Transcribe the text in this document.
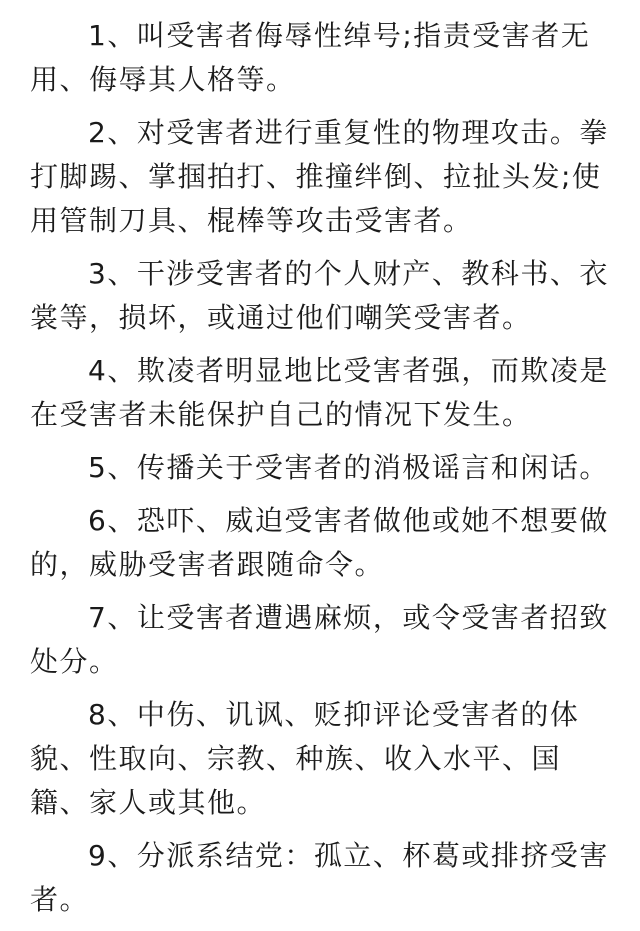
1、叫受害者侮辱性绰号;指责受害者无用、侮辱其人格等。

2、对受害者进行重复性的物理攻击。拳打脚踢、掌掴拍打、推撞绊倒、拉扯头发;使用管制刀具、棍棒等攻击受害者。

3、干涉受害者的个人财产、教科书、衣裳等，损坏，或通过他们嘲笑受害者。

4、欺凌者明显地比受害者强，而欺凌是在受害者未能保护自己的情况下发生。

5、传播关于受害者的消极谣言和闲话。

6、恐吓、威迫受害者做他或她不想要做的，威胁受害者跟随命令。

7、让受害者遭遇麻烦，或令受害者招致处分。

8、中伤、讥讽、贬抑评论受害者的体貌、性取向、宗教、种族、收入水平、国籍、家人或其他。

9、分派系结党：孤立、杯葛或排挤受害者。
